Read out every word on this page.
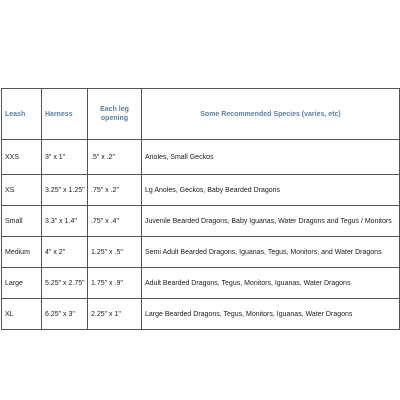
Leash	Harness	Each leg opening	Some Recommended Species (varies, etc)
XXS	3" x 1"	.5" x .2"	Anoles, Small Geckos
XS	3.25" x 1.25"	.75" x .2"	Lg Anoles, Geckos, Baby Bearded Dragons
Small	3.3" x 1.4"	.75" x .4"	Juvenile Bearded Dragons, Baby Iguanas, Water Dragons and Tegus / Monitors
Medium	4" x 2"	1.25" x .5"	Semi Adult Bearded Dragons, Iguanas, Tegus, Monitors, and Water Dragons
Large	5.25" x 2.75"	1.75" x .9"	Adult Bearded Dragons, Tegus, Monitors, Iguanas, Water Dragons
XL	6.25" x 3"	2.25" x 1"	Large Bearded Dragons, Tegus, Monitors, Iguanas, Water Dragons
